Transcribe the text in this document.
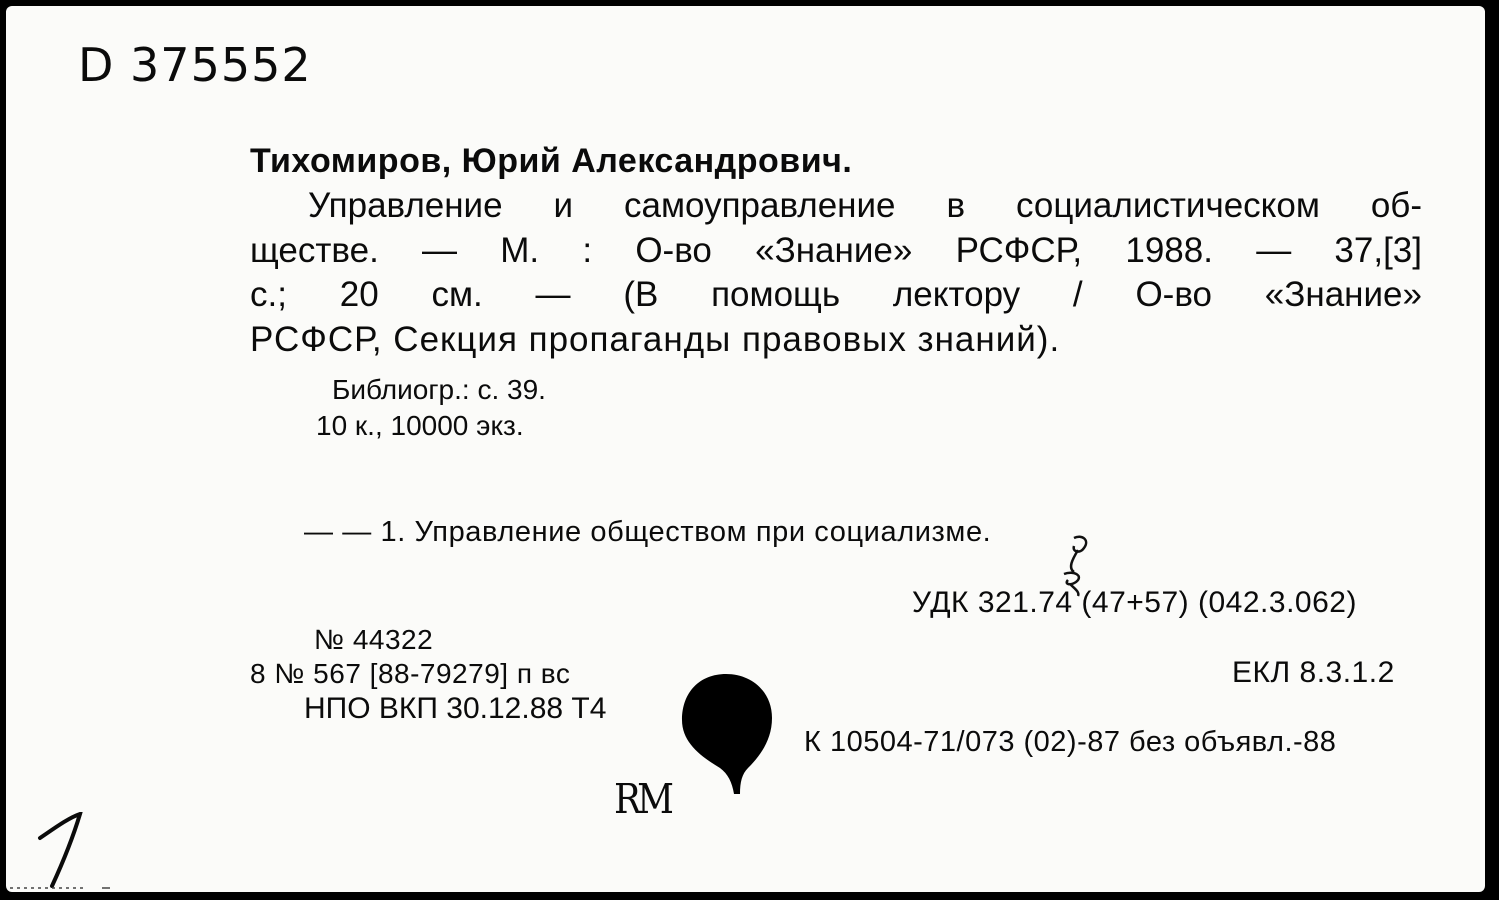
D 375552
Тихомиров, Юрий Александрович.
Управление и самоуправление в социалистическом об-
ществе. — М. : О-во «Знание» РСФСР, 1988. — 37,[3]
с.; 20 см. — (В помощь лектору / О-во «Знание»
РСФСР, Секция пропаганды правовых знаний).
Библиогр.: с. 39.
10 к., 10000 экз.
— — 1. Управление обществом при социализме.
УДК 321.74 (47+57) (042.3.062)
№ 44322
8 № 567 [88-79279] п вс	ЕКЛ 8.3.1.2
НПО ВКП 30.12.88 Т4
К 10504-71/073 (02)-87 без объявл.-88
RM
